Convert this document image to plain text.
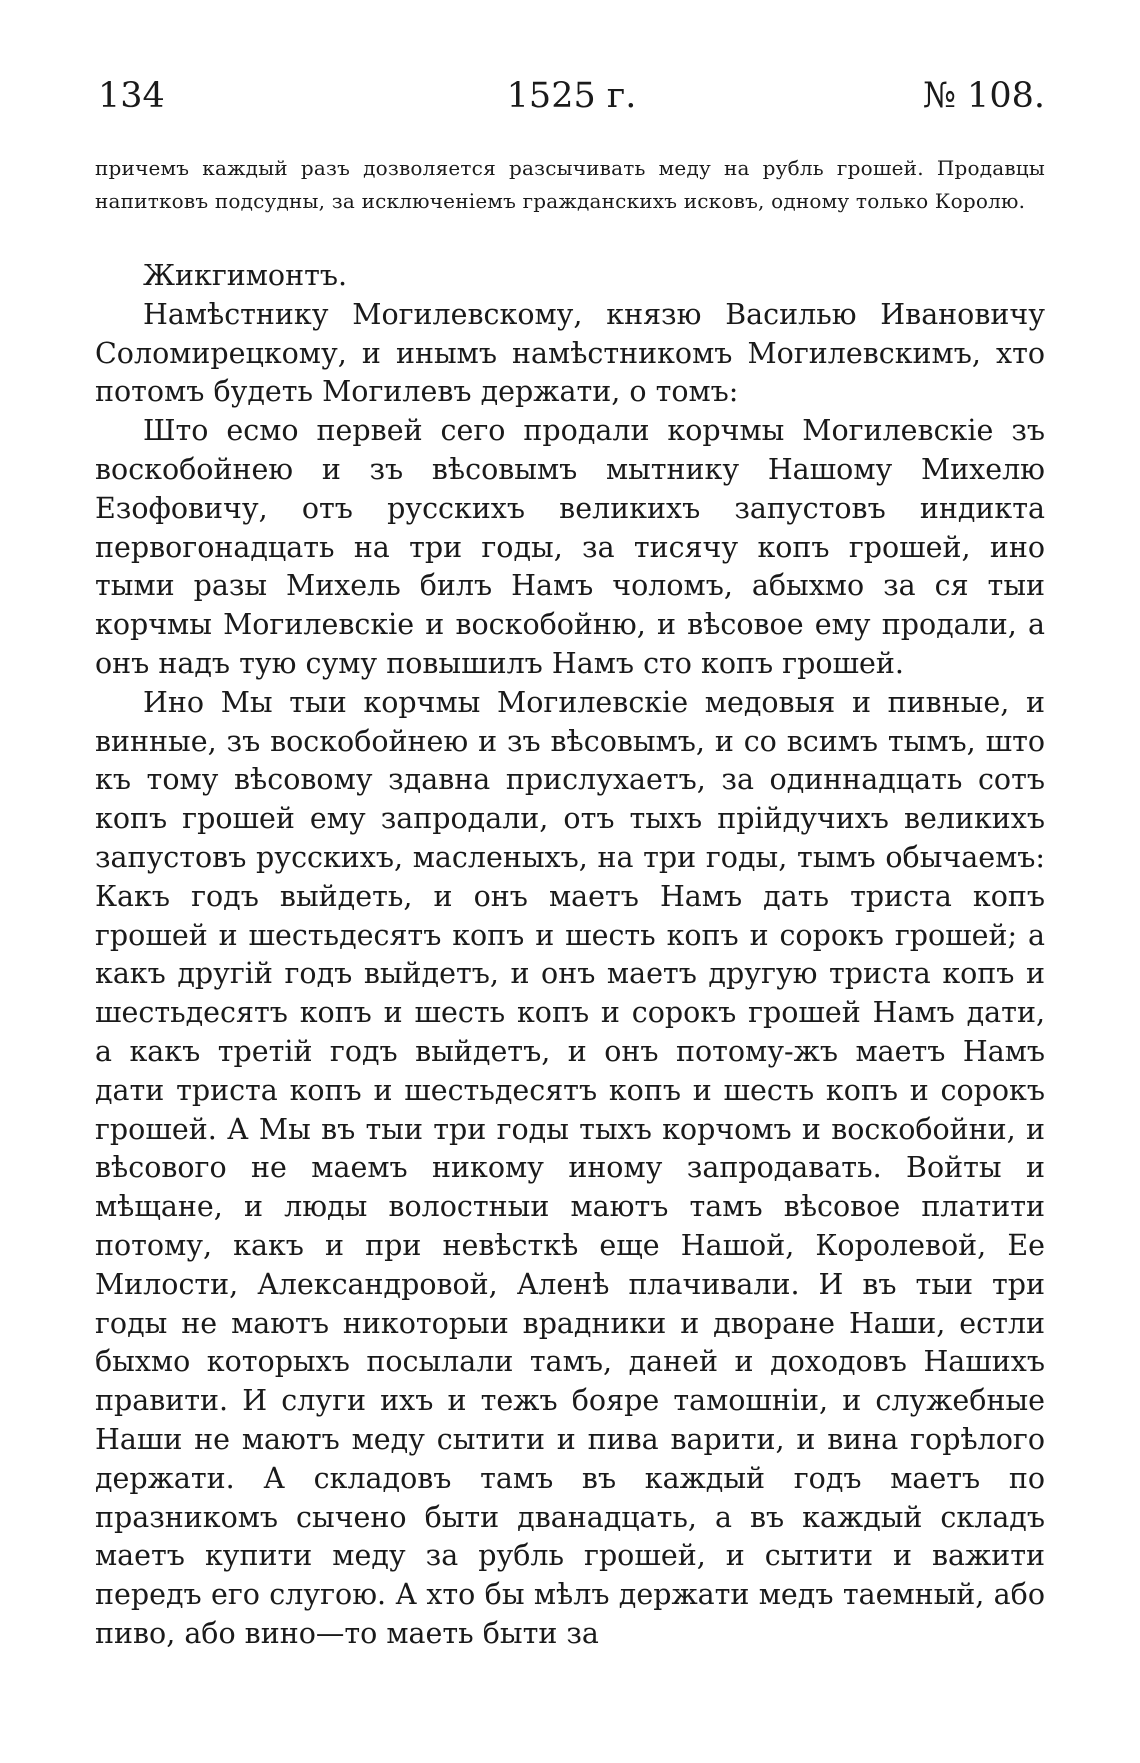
134	1525 г.	№ 108.

причемъ каждый разъ дозволяется разсычивать меду на рубль грошей. Продавцы напитковъ подсудны, за исключенiемъ гражданскихъ исковъ, одному только Королю.

Жикгимонтъ.

Намѣстнику Могилевскому, князю Василью Ивановичу Соломирецкому, и инымъ намѣстникомъ Могилевскимъ, хто потомъ будеть Могилевъ держати, о томъ:

Што есмо первей сего продали корчмы Могилевскiе зъ воскобойнею и зъ вѣсовымъ мытнику Нашому Михелю Езофовичу, отъ русскихъ великихъ запустовъ индикта первогонадцать на три годы, за тисячу копъ грошей, ино тыми разы Михель билъ Намъ чоломъ, абыхмо за ся тыи корчмы Могилевскiе и воскобойню, и вѣсовое ему продали, а онъ надъ тую суму повышилъ Намъ сто копъ грошей.

Ино Мы тыи корчмы Могилевскiе медовыя и пивные, и винные, зъ воскобойнею и зъ вѣсовымъ, и со всимъ тымъ, што къ тому вѣсовому здавна прислухаетъ, за одиннадцать сотъ копъ грошей ему запродали, отъ тыхъ прiйдучихъ великихъ запустовъ русскихъ, масленыхъ, на три годы, тымъ обычаемъ: Какъ годъ выйдеть, и онъ маетъ Намъ дать триста копъ грошей и шестьдесятъ копъ и шесть копъ и сорокъ грошей; а какъ другiй годъ выйдетъ, и онъ маетъ другую триста копъ и шестьдесятъ копъ и шесть копъ и сорокъ грошей Намъ дати, а какъ третiй годъ выйдетъ, и онъ потому-жъ маетъ Намъ дати триста копъ и шестьдесятъ копъ и шесть копъ и сорокъ грошей. А Мы въ тыи три годы тыхъ корчомъ и воскобойни, и вѣсового не маемъ никому иному запродавать. Войты и мѣщане, и люды волостныи маютъ тамъ вѣсовое платити потому, какъ и при невѣсткѣ еще Нашой, Королевой, Ее Милости, Александровой, Аленѣ плачивали. И въ тыи три годы не маютъ никоторыи врадники и дворане Наши, естли быхмо которыхъ посылали тамъ, даней и доходовъ Нашихъ правити. И слуги ихъ и тежъ бояре тамошнiи, и служебные Наши не маютъ меду сытити и пива варити, и вина горѣлого держати. А складовъ тамъ въ каждый годъ маетъ по празникомъ сычено быти дванадцать, а въ каждый складъ маетъ купити меду за рубль грошей, и сытити и важити передъ его слугою. А хто бы мѣлъ держати медъ таемный, або пиво, або вино—то маеть быти за
